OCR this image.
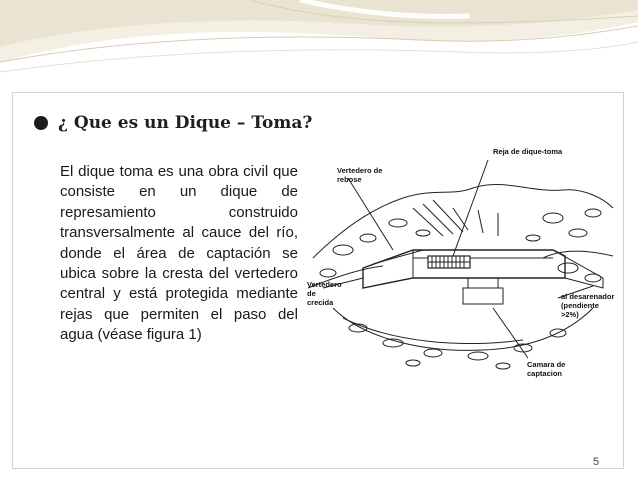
¿ Que es un Dique – Toma?
El dique toma es una obra civil que consiste en un dique de represamiento construido transversalmente al cauce del río, donde el área de captación se ubica sobre la cresta del vertedero central y está protegida mediante rejas que permiten el paso del agua (véase figura 1)
Reja de dique-toma
Vertedero de
rebose
Vertedero
de
crecida
al desarenador
(pendiente >2%)
Camara de
captacion
5
